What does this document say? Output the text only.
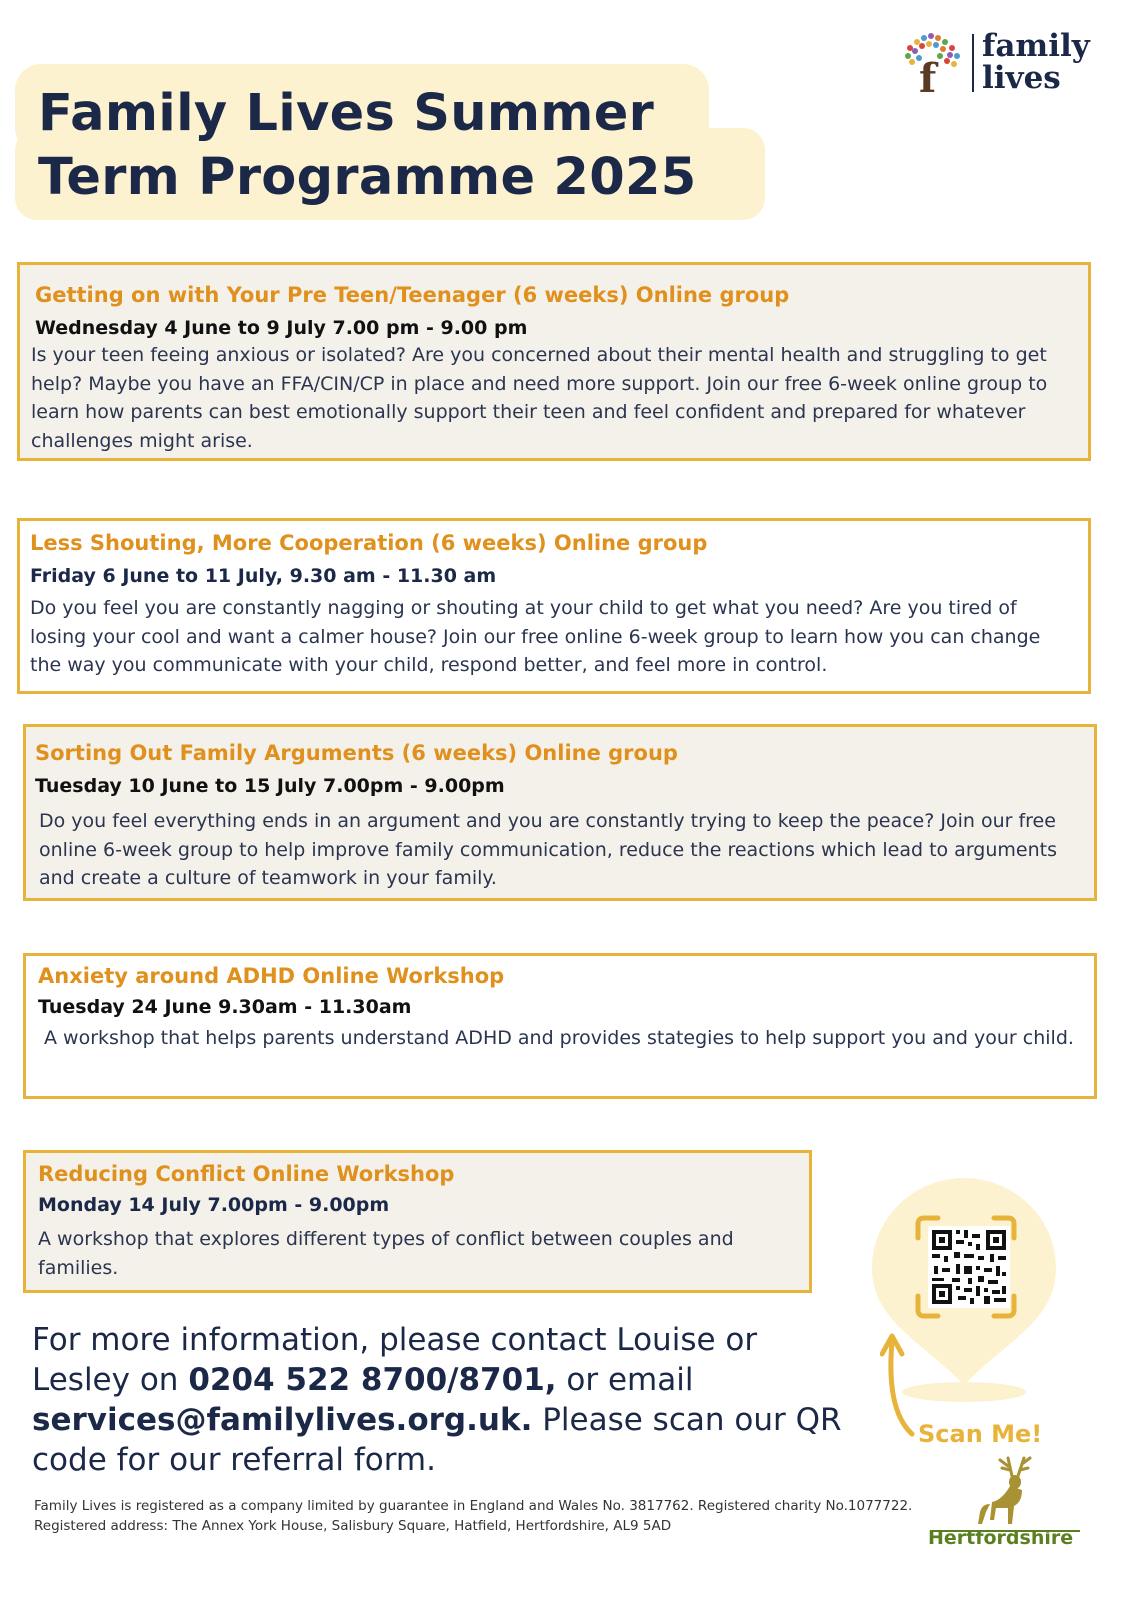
Family Lives Summer
Term Programme 2025
f
family
lives
Getting on with Your Pre Teen/Teenager (6 weeks) Online group
Wednesday 4 June to 9 July 7.00 pm - 9.00 pm
Is your teen feeing anxious or isolated? Are you concerned about their mental health and struggling to get help? Maybe you have an FFA/CIN/CP in place and need more support. Join our free 6-week online group to learn how parents can best emotionally support their teen and feel confident and prepared for whatever challenges might arise.
Less Shouting, More Cooperation (6 weeks) Online group
Friday 6 June to 11 July, 9.30 am - 11.30 am
Do you feel you are constantly nagging or shouting at your child to get what you need? Are you tired of losing your cool and want a calmer house? Join our free online 6-week group to learn how you can change the way you communicate with your child, respond better, and feel more in control.
Sorting Out Family Arguments (6 weeks) Online group
Tuesday 10 June to 15 July 7.00pm - 9.00pm
Do you feel everything ends in an argument and you are constantly trying to keep the peace? Join our free online 6-week group to help improve family communication, reduce the reactions which lead to arguments and create a culture of teamwork in your family.
Anxiety around ADHD Online Workshop
Tuesday 24 June 9.30am - 11.30am
A workshop that helps parents understand ADHD and provides stategies to help support you and your child.
Reducing Conflict Online Workshop
Monday 14 July 7.00pm - 9.00pm
A workshop that explores different types of conflict between couples and families.

For more information, please contact Louise or Lesley on 0204 522 8700/8701, or email services@familylives.org.uk. Please scan our QR code for our referral form.

Scan Me!
Hertfordshire

Family Lives is registered as a company limited by guarantee in England and Wales No. 3817762. Registered charity No.1077722. Registered address: The Annex York House, Salisbury Square, Hatfield, Hertfordshire, AL9 5AD
